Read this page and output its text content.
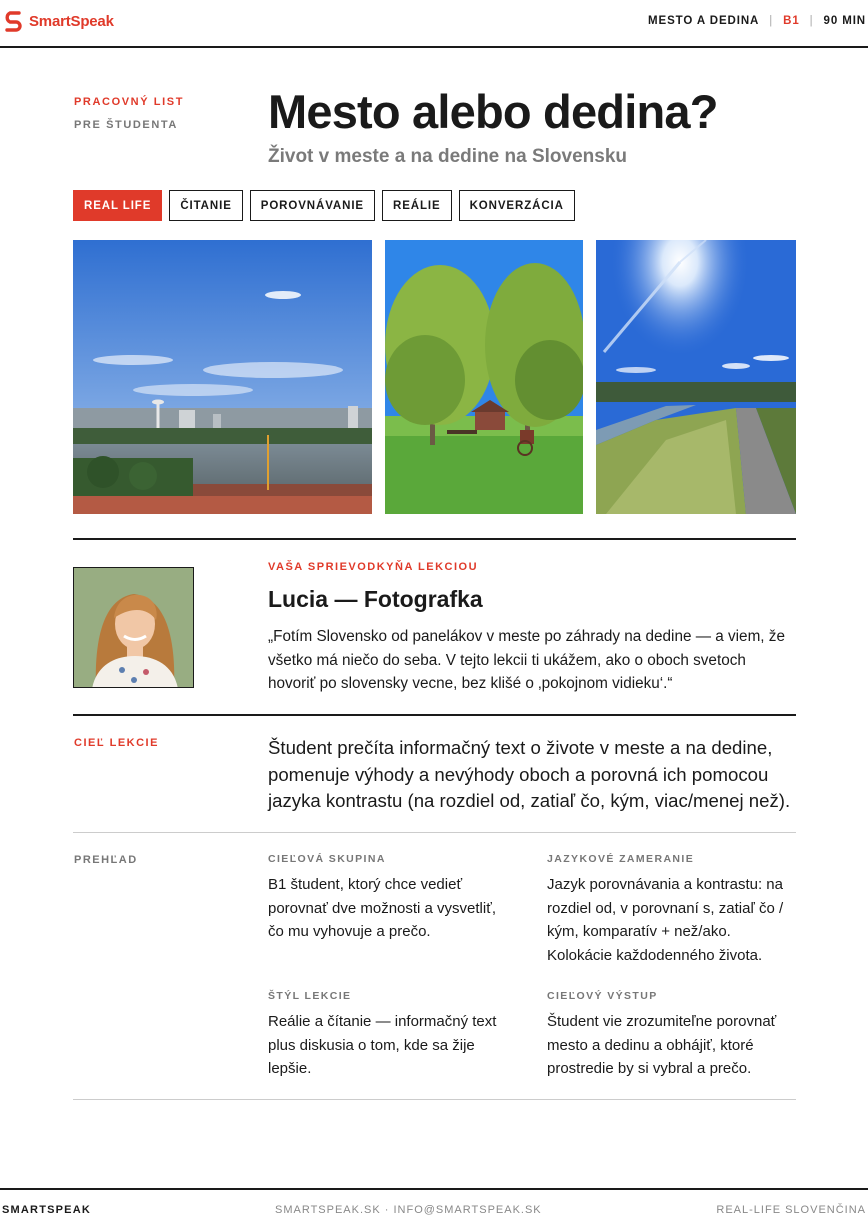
SmartSpeak	MESTO A DEDINA | B1 | 90 MIN
PRACOVNÝ LIST
PRE ŠTUDENTA Mesto alebo dedina?
Život v meste a na dedine na Slovensku
REAL LIFE	ČITANIE	POROVNÁVANIE	REÁLIE	KONVERZÁCIA
VAŠA SPRIEVODKYŇA LEKCIOU
Lucia — Fotografka

„Fotím Slovensko od panelákov v meste po záhrady na dedine — a viem, že všetko má niečo do seba. V tejto lekcii ti ukážem, ako o oboch svetoch hovoriť po slovensky vecne, bez klišé o ‚pokojnom vidieku‘.“

CIEĽ LEKCIE	Študent prečíta informačný text o živote v meste a na dedine, pomenuje výhody a nevýhody oboch a porovná ich pomocou jazyka kontrastu (na rozdiel od, zatiaľ čo, kým, viac/menej než).

PREHĽAD	CIEĽOVÁ SKUPINA
B1 študent, ktorý chce vedieť porovnať dve možnosti a vysvetliť, čo mu vyhovuje a prečo.
JAZYKOVÉ ZAMERANIE
Jazyk porovnávania a kontrastu: na rozdiel od, v porovnaní s, zatiaľ čo / kým, komparatív + než/ako. Kolokácie každodenného života.
ŠTÝL LEKCIE
Reálie a čítanie — informačný text plus diskusia o tom, kde sa žije lepšie.
CIEĽOVÝ VÝSTUP
Študent vie zrozumiteľne porovnať mesto a dedinu a obhájiť, ktoré prostredie by si vybral a prečo.
SMARTSPEAK	SMARTSPEAK.SK · INFO@SMARTSPEAK.SK	REAL-LIFE SLOVENČINA
